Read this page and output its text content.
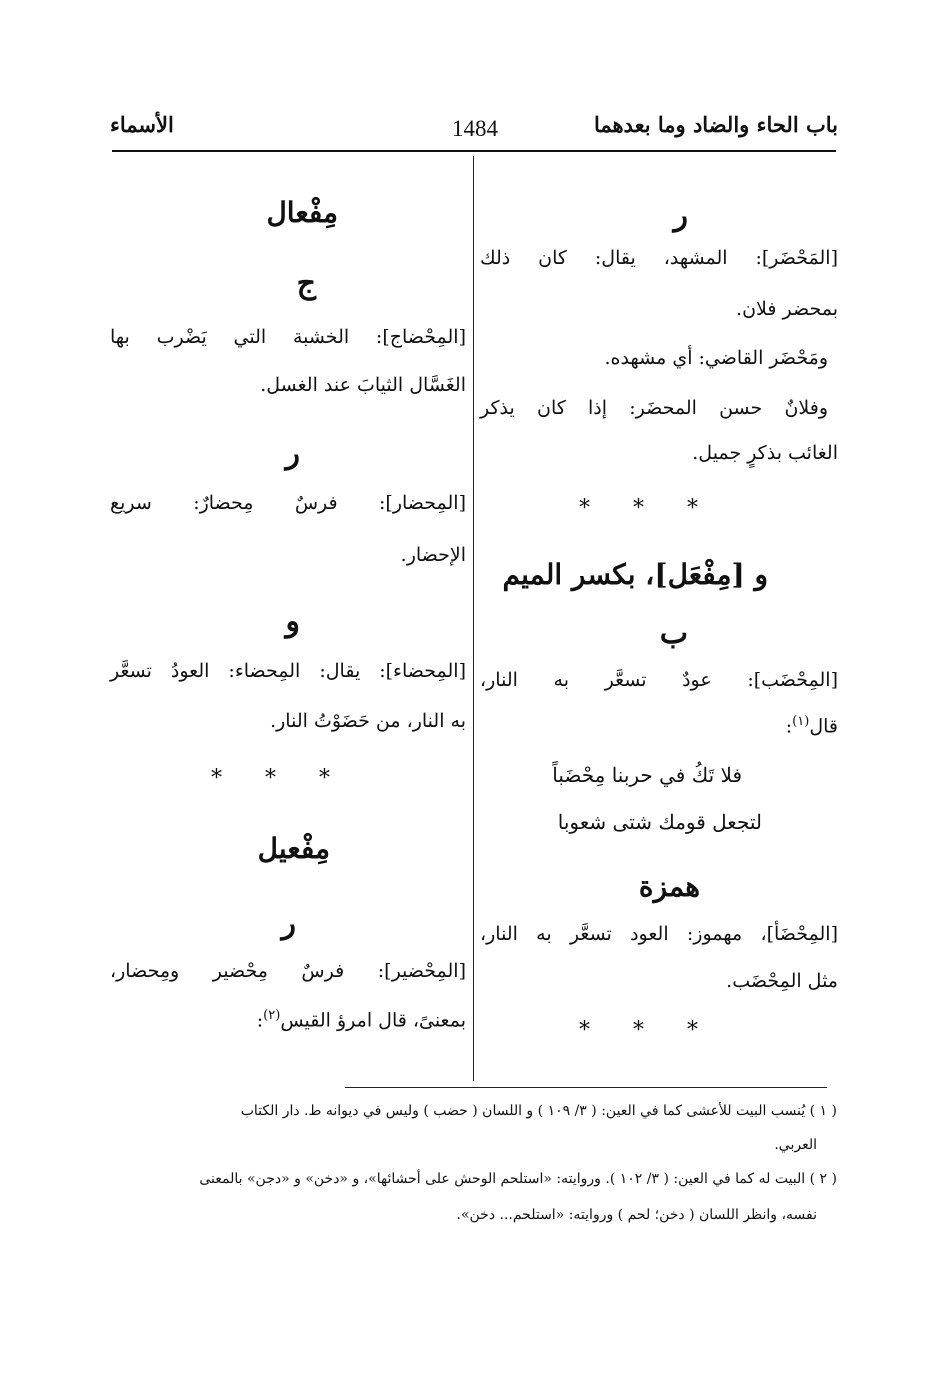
باب الحاء والضاد وما بعدهما
1484
الأسماء
ر
[المَحْضَر]: المشهد، يقال: كان ذلك
بمحضر فلان.
ومَحْضَر القاضي: أي مشهده.
وفلانٌ حسن المحضَر: إذا كان يذكر
الغائب بذكرٍ جميل.
* * *
و [مِفْعَل]، بكسر الميم
ب
[المِحْضَب]: عودٌ تسعَّر به النار،
قال$^{(١)}$:
فلا تَكُ في حربنا مِحْضَباً
لتجعل قومك شتى شعوبا
همزة
[المِحْضَأ]، مهموز: العود تسعَّر به النار،
مثل المِحْضَب.
* * *
مِفْعال
ج
[المِحْضاج]: الخشبة التي يَضْرب بها
الغَسَّال الثيابَ عند الغسل.
ر
[المِحضار]: فرسٌ مِحضارٌ: سريع
الإحضار.
و
[المِحضاء]: يقال: المِحضاء: العودُ تسعَّر
به النار، من حَضَوْتُ النار.
* * *
مِفْعيل
ر
[المِحْضير]: فرسٌ مِحْضير ومِحضار،
بمعنىً، قال امرؤ القيس$^{(٢)}$:
( ١ ) يُنسب البيت للأعشى كما في العين: ( ٣/ ١٠٩ ) و اللسان ( حضب ) وليس في ديوانه ط. دار الكتاب
العربي.
( ٢ ) البيت له كما في العين: ( ٣/ ١٠٢ ). وروايته: «استلحم الوحش على أحشائها»، و «دخن» و «دجن» بالمعنى
نفسه، وانظر اللسان ( دخن؛ لحم ) وروايته: «استلحم... دخن».
